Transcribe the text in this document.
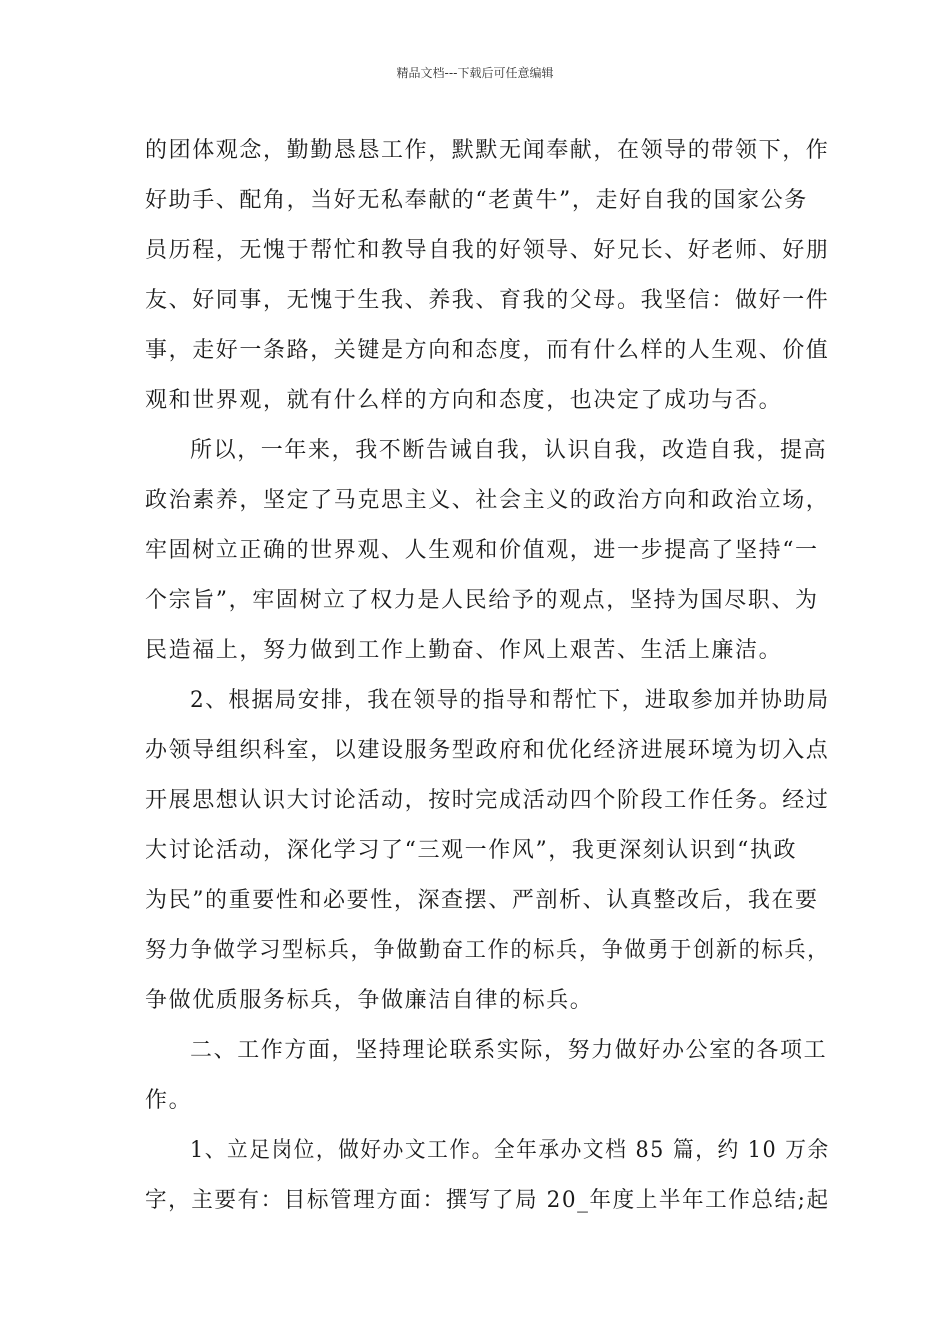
精品文档---下载后可任意编辑
的团体观念，勤勤恳恳工作，默默无闻奉献，在领导的带领下，作
好助手、配角，当好无私奉献的“老黄牛”，走好自我的国家公务
员历程，无愧于帮忙和教导自我的好领导、好兄长、好老师、好朋
友、好同事，无愧于生我、养我、育我的父母。我坚信：做好一件
事，走好一条路，关键是方向和态度，而有什么样的人生观、价值
观和世界观，就有什么样的方向和态度，也决定了成功与否。
所以，一年来，我不断告诫自我，认识自我，改造自我，提高
政治素养，坚定了马克思主义、社会主义的政治方向和政治立场，
牢固树立正确的世界观、人生观和价值观，进一步提高了坚持“一
个宗旨”，牢固树立了权力是人民给予的观点，坚持为国尽职、为
民造福上，努力做到工作上勤奋、作风上艰苦、生活上廉洁。
2、根据局安排，我在领导的指导和帮忙下，进取参加并协助局
办领导组织科室，以建设服务型政府和优化经济进展环境为切入点
开展思想认识大讨论活动，按时完成活动四个阶段工作任务。经过
大讨论活动，深化学习了“三观一作风”，我更深刻认识到“执政
为民”的重要性和必要性，深查摆、严剖析、认真整改后，我在要
努力争做学习型标兵，争做勤奋工作的标兵，争做勇于创新的标兵，
争做优质服务标兵，争做廉洁自律的标兵。
二、工作方面，坚持理论联系实际，努力做好办公室的各项工
作。
1、立足岗位，做好办文工作。全年承办文档 85 篇，约 10 万余
字，主要有：目标管理方面：撰写了局 20_年度上半年工作总结;起
